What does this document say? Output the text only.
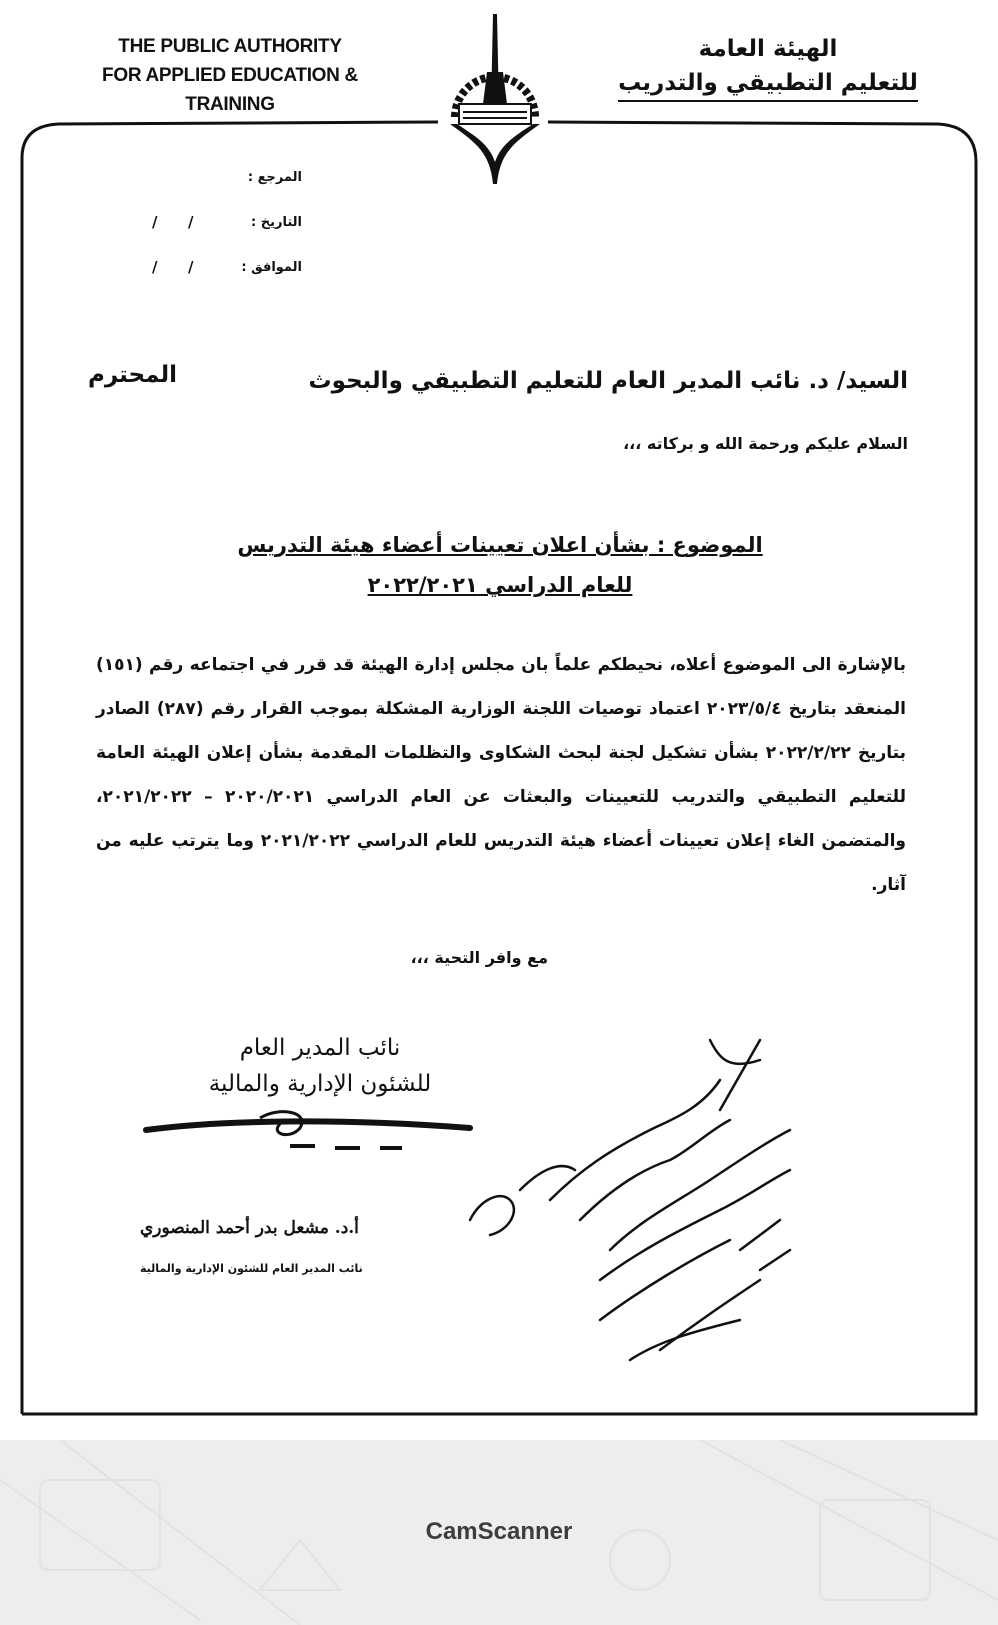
THE PUBLIC AUTHORITY
FOR APPLIED EDUCATION & TRAINING
الهيئة العامة
للتعليم التطبيقي والتدريب
المرجع :
التاريخ :
/
/
الموافق :
/
/
السيد/ د. نائب المدير العام للتعليم التطبيقي والبحوث
المحترم
السلام عليكم ورحمة الله و بركاته ،،،
الموضوع : بشأن اعلان تعيينات أعضاء هيئة التدريس
للعام الدراسي ٢٠٢٢/٢٠٢١
بالإشارة الى الموضوع أعلاه، نحيطكم علماً بان مجلس إدارة الهيئة قد قرر في اجتماعه رقم (١٥١) المنعقد بتاريخ ٢٠٢٣/٥/٤ اعتماد توصيات اللجنة الوزارية المشكلة بموجب القرار رقم (٢٨٧) الصادر بتاريخ ٢٠٢٢/٢/٢٢ بشأن تشكيل لجنة لبحث الشكاوى والتظلمات المقدمة بشأن إعلان الهيئة العامة للتعليم التطبيقي والتدريب للتعيينات والبعثات عن العام الدراسي ٢٠٢٠/٢٠٢١ – ٢٠٢١/٢٠٢٢، والمتضمن الغاء إعلان تعيينات أعضاء هيئة التدريس للعام الدراسي ٢٠٢١/٢٠٢٢ وما يترتب عليه من آثار.
مع وافر التحية ،،،
نائب المدير العام
للشئون الإدارية والمالية
أ.د. مشعل بدر أحمد المنصوري
نائب المدير العام للشئون الإدارية والمالية
CamScanner
